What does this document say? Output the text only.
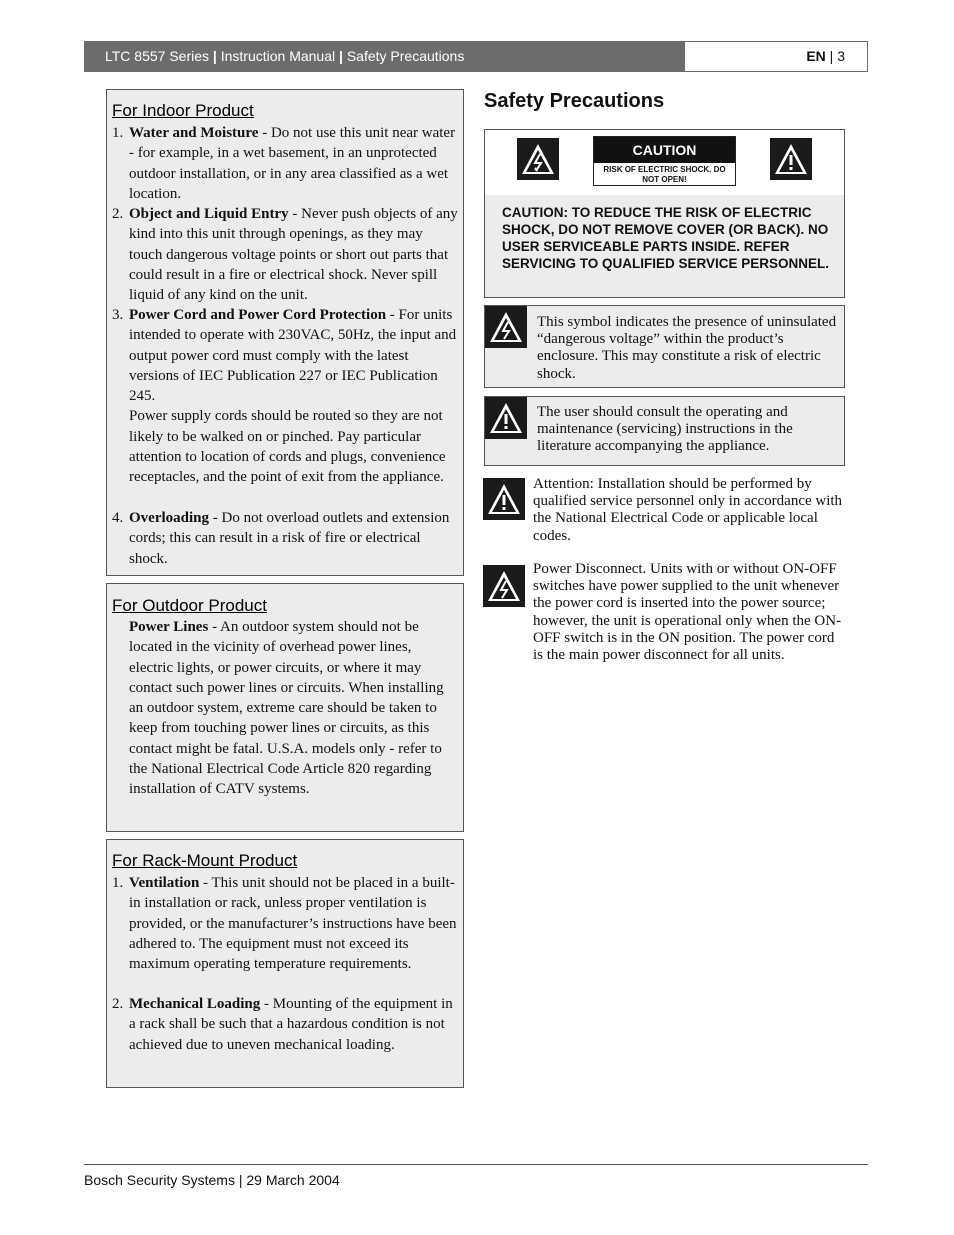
LTC 8557 Series | Instruction Manual | Safety Precautions	EN | 3
For Indoor Product
1. Water and Moisture - Do not use this unit near water - for example, in a wet basement, in an unprotected outdoor installation, or in any area classified as a wet location.
2. Object and Liquid Entry - Never push objects of any kind into this unit through openings, as they may touch dangerous voltage points or short out parts that could result in a fire or electrical shock. Never spill liquid of any kind on the unit.
3. Power Cord and Power Cord Protection - For units intended to operate with 230VAC, 50Hz, the input and output power cord must comply with the latest versions of IEC Publication 227 or IEC Publication 245.
Power supply cords should be routed so they are not likely to be walked on or pinched. Pay particular attention to location of cords and plugs, convenience receptacles, and the point of exit from the appliance.
4. Overloading - Do not overload outlets and extension cords; this can result in a risk of fire or electrical shock.
For Outdoor Product
Power Lines - An outdoor system should not be located in the vicinity of overhead power lines, electric lights, or power circuits, or where it may contact such power lines or circuits. When installing an outdoor system, extreme care should be taken to keep from touching power lines or circuits, as this contact might be fatal. U.S.A. models only - refer to the National Electrical Code Article 820 regarding installation of CATV systems.
For Rack-Mount Product
1. Ventilation - This unit should not be placed in a built-in installation or rack, unless proper ventilation is provided, or the manufacturer’s instructions have been adhered to. The equipment must not exceed its maximum operating temperature requirements.
2. Mechanical Loading - Mounting of the equipment in a rack shall be such that a hazardous condition is not achieved due to uneven mechanical loading.
Safety Precautions
CAUTION
RISK OF ELECTRIC SHOCK. DO NOT OPEN!
CAUTION: TO REDUCE THE RISK OF ELECTRIC SHOCK, DO NOT REMOVE COVER (OR BACK). NO USER SERVICEABLE PARTS INSIDE. REFER SERVICING TO QUALIFIED SERVICE PERSONNEL.
This symbol indicates the presence of uninsulated “dangerous voltage” within the product’s enclosure. This may constitute a risk of electric shock.
The user should consult the operating and maintenance (servicing) instructions in the literature accompanying the appliance.
Attention: Installation should be performed by qualified service personnel only in accordance with the National Electrical Code or applicable local codes.
Power Disconnect. Units with or without ON-OFF switches have power supplied to the unit whenever the power cord is inserted into the power source; however, the unit is operational only when the ON-OFF switch is in the ON position. The power cord is the main power disconnect for all units.
Bosch Security Systems | 29 March 2004
